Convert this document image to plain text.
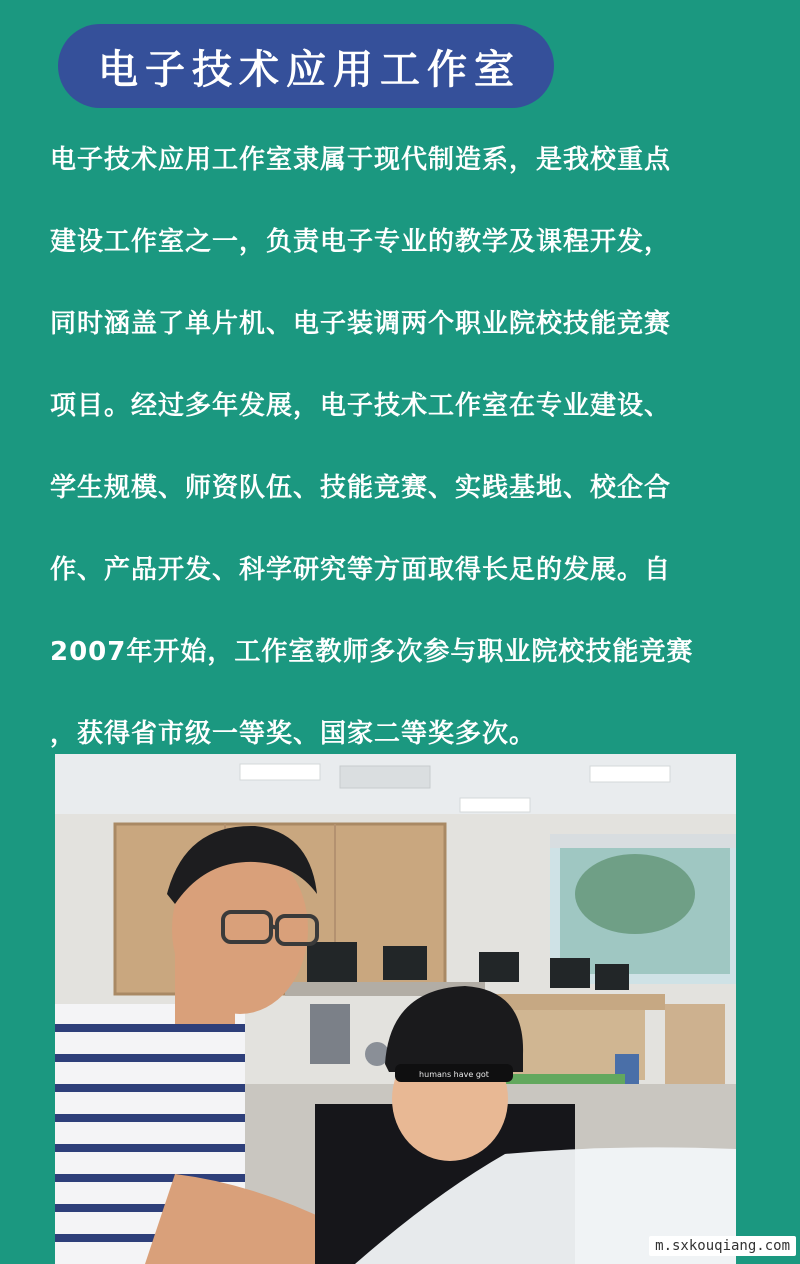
电子技术应用工作室
电子技术应用工作室隶属于现代制造系，是我校重点
建设工作室之一，负责电子专业的教学及课程开发，
同时涵盖了单片机、电子装调两个职业院校技能竞赛
项目。经过多年发展，电子技术工作室在专业建设、
学生规模、师资队伍、技能竞赛、实践基地、校企合
作、产品开发、科学研究等方面取得长足的发展。自
2007年开始，工作室教师多次参与职业院校技能竞赛
，获得省市级一等奖、国家二等奖多次。
humans have got
m.sxkouqiang.com
